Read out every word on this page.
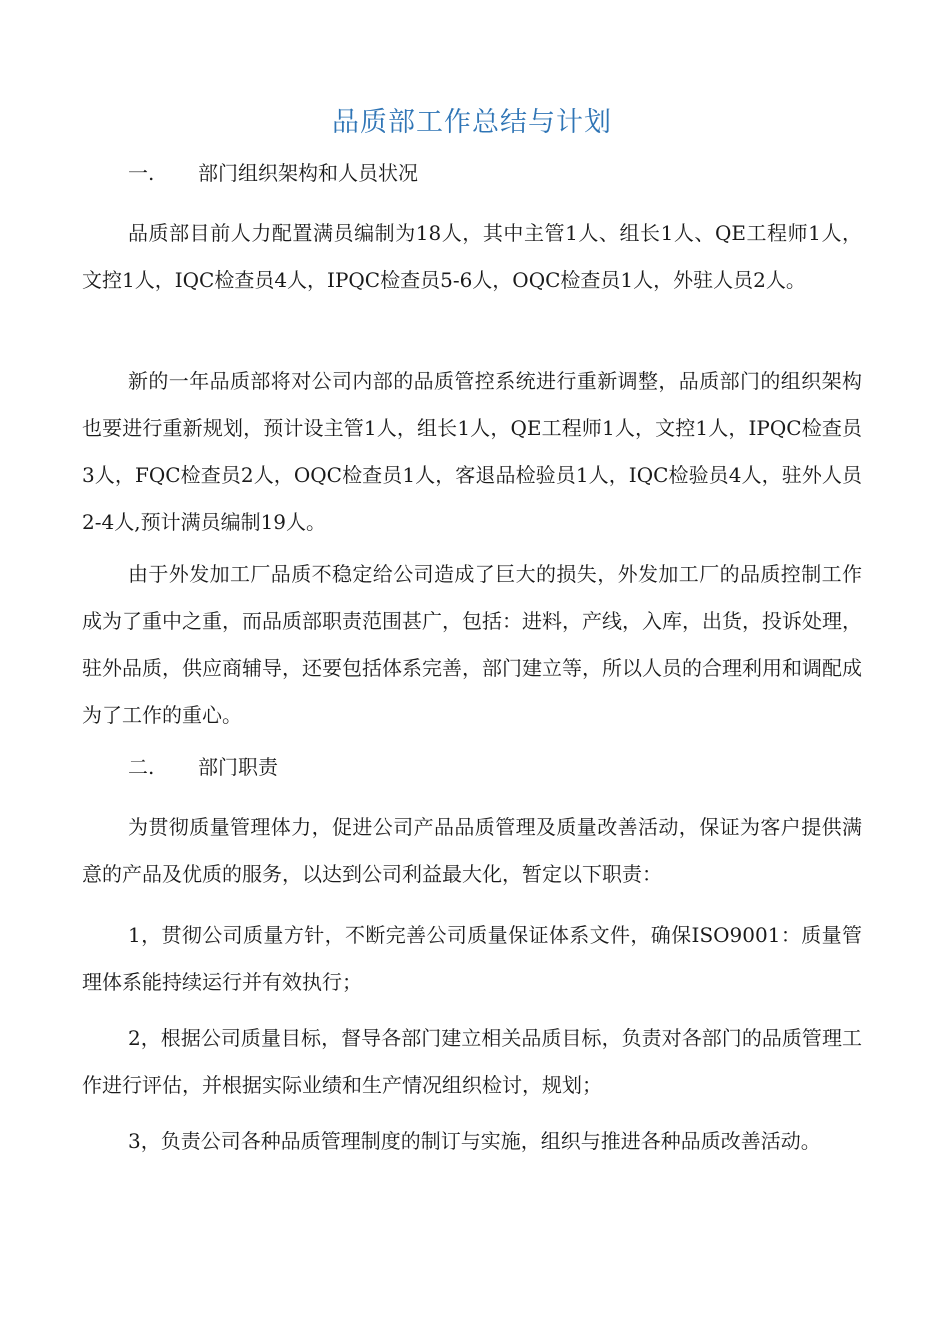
品质部工作总结与计划
一. 部门组织架构和人员状况

品质部目前人力配置满员编制为18人，其中主管1人、组长1人、QE工程师1人，文控1人，IQC检查员4人，IPQC检查员5-6人，OQC检查员1人，外驻人员2人。

新的一年品质部将对公司内部的品质管控系统进行重新调整，品质部门的组织架构也要进行重新规划，预计设主管1人，组长1人，QE工程师1人，文控1人，IPQC检查员3人，FQC检查员2人，OQC检查员1人，客退品检验员1人，IQC检验员4人，驻外人员2-4人,预计满员编制19人。

由于外发加工厂品质不稳定给公司造成了巨大的损失，外发加工厂的品质控制工作成为了重中之重，而品质部职责范围甚广，包括：进料，产线，入库，出货，投诉处理，驻外品质，供应商辅导，还要包括体系完善，部门建立等，所以人员的合理利用和调配成为了工作的重心。

二. 部门职责

为贯彻质量管理体力，促进公司产品品质管理及质量改善活动，保证为客户提供满意的产品及优质的服务，以达到公司利益最大化，暂定以下职责：

1，贯彻公司质量方针，不断完善公司质量保证体系文件，确保ISO9001：质量管理体系能持续运行并有效执行；

2，根据公司质量目标，督导各部门建立相关品质目标，负责对各部门的品质管理工作进行评估，并根据实际业绩和生产情况组织检讨，规划；

3，负责公司各种品质管理制度的制订与实施，组织与推进各种品质改善活动。
